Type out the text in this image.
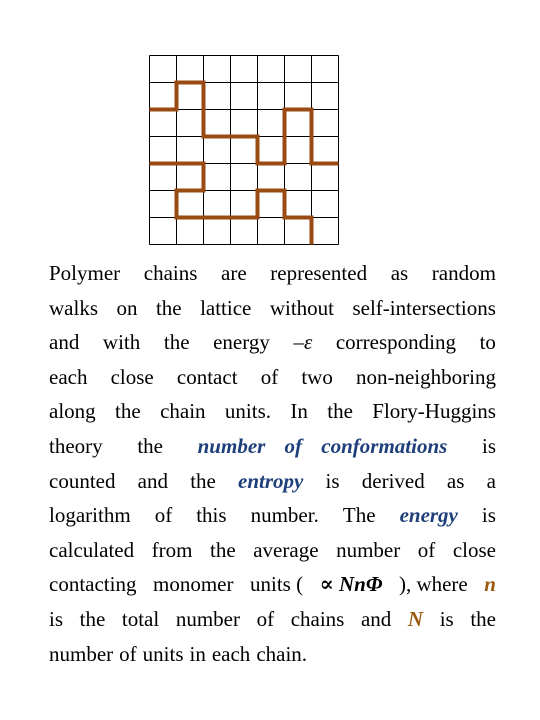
Polymer chains are represented as random
walks on the lattice without self-intersections
and with the energy –ε corresponding to
each close contact of two non-neighboring
along the chain units. In the Flory-Huggins
theory the number of conformations is
counted and the entropy is derived as a
logarithm of this number. The energy is
calculated from the average number of close
contacting monomer units ( ∝ NnΦ ), where n
is the total number of chains and N is the
number of units in each chain.
